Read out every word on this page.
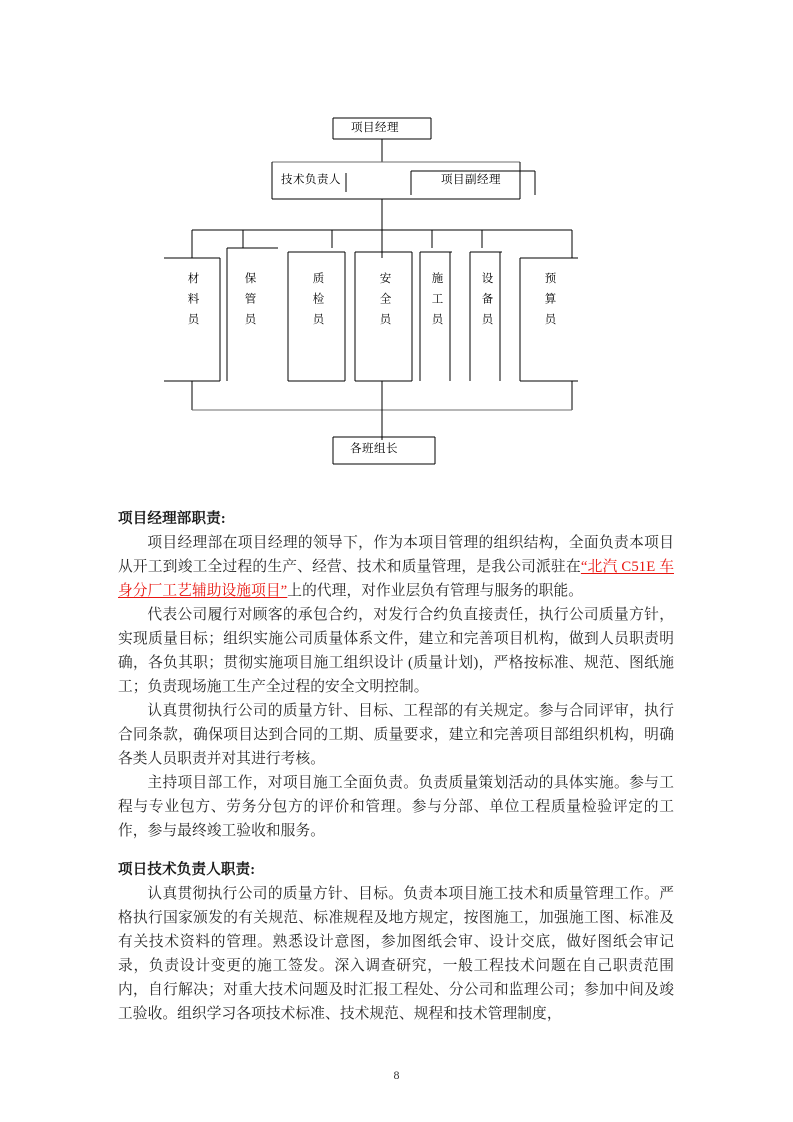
项目经理
技术负责人	项目副经理
材料员	保管员	质检员	安全员	施工员	设备员	预算员
各班组长

项目经理部职责:

项目经理部在项目经理的领导下，作为本项目管理的组织结构，全面负责本项目从开工到竣工全过程的生产、经营、技术和质量管理，是我公司派驻在“北汽 C51E 车身分厂工艺辅助设施项目”上的代理，对作业层负有管理与服务的职能。

代表公司履行对顾客的承包合约，对发行合约负直接责任，执行公司质量方针，实现质量目标；组织实施公司质量体系文件，建立和完善项目机构，做到人员职责明确，各负其职；贯彻实施项目施工组织设计 (质量计划)，严格按标准、规范、图纸施工；负责现场施工生产全过程的安全文明控制。

认真贯彻执行公司的质量方针、目标、工程部的有关规定。参与合同评审，执行合同条款，确保项目达到合同的工期、质量要求，建立和完善项目部组织机构，明确各类人员职责并对其进行考核。

主持项目部工作，对项目施工全面负责。负责质量策划活动的具体实施。参与工程与专业包方、劳务分包方的评价和管理。参与分部、单位工程质量检验评定的工作，参与最终竣工验收和服务。

项日技术负责人职责:

认真贯彻执行公司的质量方针、目标。负责本项目施工技术和质量管理工作。严格执行国家颁发的有关规范、标准规程及地方规定，按图施工，加强施工图、标准及有关技术资料的管理。熟悉设计意图，参加图纸会审、设计交底，做好图纸会审记录，负责设计变更的施工签发。深入调查研究，一般工程技术问题在自己职责范围内，自行解决；对重大技术问题及时汇报工程处、分公司和监理公司；参加中间及竣工验收。组织学习各项技术标准、技术规范、规程和技术管理制度，

8
